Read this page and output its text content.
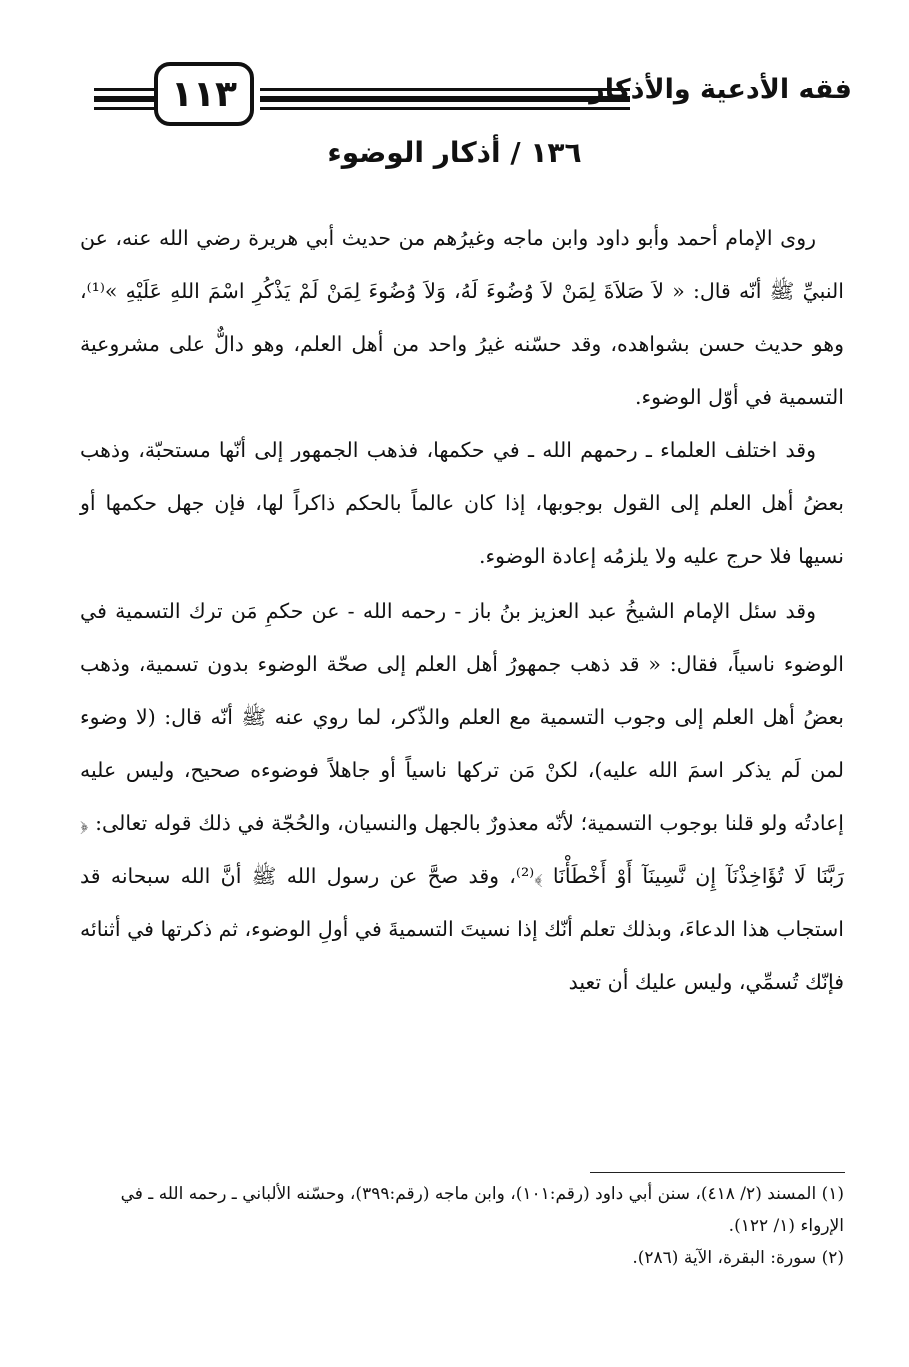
١١٣	فقه الأدعية والأذكار
١٣٦ / أذكار الوضوء

روى الإمام أحمد وأبو داود وابن ماجه وغيرُهم من حديث أبي هريرة رضي الله عنه، عن النبيِّ ﷺ أنّه قال: « لاَ صَلاَةَ لِمَنْ لاَ وُضُوءَ لَهُ، وَلاَ وُضُوءَ لِمَنْ لَمْ يَذْكُرِ اسْمَ اللهِ عَلَيْهِ »⁽¹⁾، وهو حديث حسن بشواهده، وقد حسّنه غيرُ واحد من أهل العلم، وهو دالٌّ على مشروعية التسمية في أوّل الوضوء.

وقد اختلف العلماء ـ رحمهم الله ـ في حكمها، فذهب الجمهور إلى أنّها مستحبّة، وذهب بعضُ أهل العلم إلى القول بوجوبها، إذا كان عالماً بالحكم ذاكراً لها، فإن جهل حكمها أو نسيها فلا حرج عليه ولا يلزمُه إعادة الوضوء.

وقد سئل الإمام الشيخُ عبد العزيز بنُ باز - رحمه الله - عن حكمِ مَن ترك التسمية في الوضوء ناسياً، فقال: « قد ذهب جمهورُ أهل العلم إلى صحّة الوضوء بدون تسمية، وذهب بعضُ أهل العلم إلى وجوب التسمية مع العلم والذّكر، لما روي عنه ﷺ أنّه قال: (لا وضوء لمن لَم يذكر اسمَ الله عليه)، لكنْ مَن تركها ناسياً أو جاهلاً فوضوءه صحيح، وليس عليه إعادتُه ولو قلنا بوجوب التسمية؛ لأنّه معذورٌ بالجهل والنسيان، والحُجّة في ذلك قوله تعالى: ﴿ رَبَّنَا لَا تُؤَاخِذْنَآ إِن نَّسِينَآ أَوْ أَخْطَأْنَا ﴾⁽²⁾، وقد صحَّ عن رسول الله ﷺ أنَّ الله سبحانه قد استجاب هذا الدعاءَ، وبذلك تعلم أنّك إذا نسيتَ التسميةَ في أولِ الوضوء، ثم ذكرتها في أثنائه فإنّك تُسمِّي، وليس عليك أن تعيد

(١) المسند (٢/ ٤١٨)، سنن أبي داود (رقم:١٠١)، وابن ماجه (رقم:٣٩٩)، وحسّنه الألباني ـ رحمه الله ـ في الإرواء (١/ ١٢٢).

(٢) سورة: البقرة، الآية (٢٨٦).
